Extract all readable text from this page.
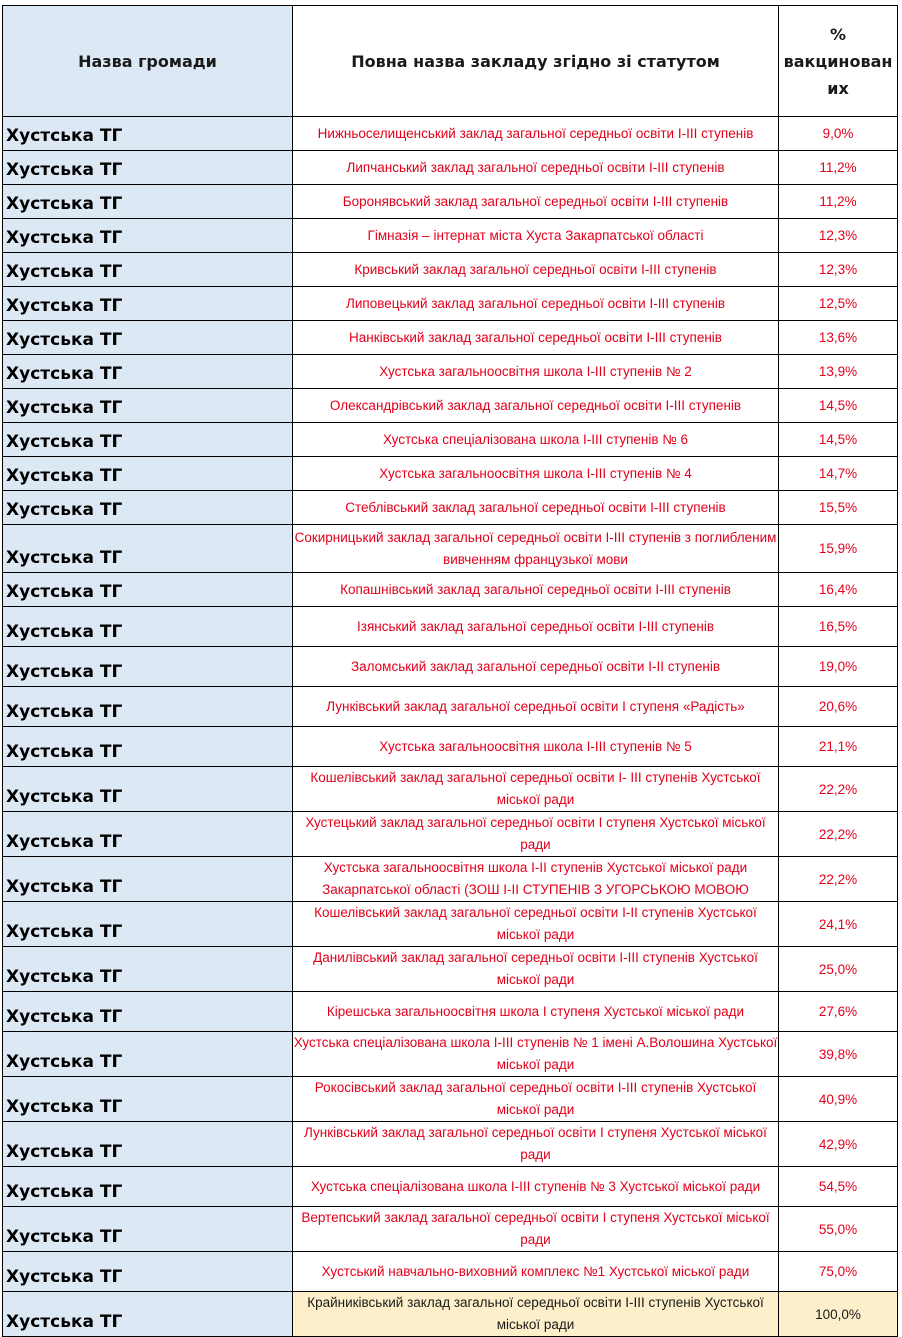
Назва громади	Повна назва закладу згідно зі статутом	%
вакцинован
их

Хустська ТГ	Нижньоселищенський заклад загальної середньої освіти І-ІІІ ступенів	9,0%
Хустська ТГ	Липчанський заклад загальної середньої освіти І-ІІІ ступенів	11,2%
Хустська ТГ	Боронявський заклад загальної середньої освіти І-ІІІ ступенів	11,2%
Хустська ТГ	Гімназія – інтернат міста Хуста Закарпатської області	12,3%
Хустська ТГ	Кривський заклад загальної середньої освіти І-ІІІ ступенів	12,3%
Хустська ТГ	Липовецький заклад загальної середньої освіти І-ІІІ ступенів	12,5%
Хустська ТГ	Нанківський заклад загальної середньої освіти І-ІІІ ступенів	13,6%
Хустська ТГ	Хустська загальноосвітня школа І-ІІІ ступенів № 2	13,9%
Хустська ТГ	Олександрівський заклад загальної середньої освіти І-ІІІ ступенів	14,5%
Хустська ТГ	Хустська спеціалізована школа І-ІІІ ступенів № 6	14,5%
Хустська ТГ	Хустська загальноосвітня школа І-ІІІ ступенів № 4	14,7%
Хустська ТГ	Стеблівський заклад загальної середньої освіти І-ІІІ ступенів	15,5%
Хустська ТГ	Сокирницький заклад загальної середньої освіти І-ІІІ ступенів з поглибленим вивченням французької мови	15,9%
Хустська ТГ	Копашнівський заклад загальної середньої освіти І-ІІІ ступенів	16,4%
Хустська ТГ	Ізянський заклад загальної середньої освіти І-ІІІ ступенів	16,5%
Хустська ТГ	Заломський заклад загальної середньої освіти І-ІІ ступенів	19,0%
Хустська ТГ	Лунківський заклад загальної середньої освіти І ступеня «Радість»	20,6%
Хустська ТГ	Хустська загальноосвітня школа І-ІІІ ступенів № 5	21,1%
Хустська ТГ	Кошелівський заклад загальної середньої освіти І- ІІІ ступенів Хустської міської ради	22,2%
Хустська ТГ	Хустецький заклад загальної середньої освіти І ступеня Хустської міської ради	22,2%
Хустська ТГ	Хустська загальноосвітня школа І-ІІ ступенів Хустської міської ради Закарпатської області (ЗОШ І-ІІ СТУПЕНІВ З УГОРСЬКОЮ МОВОЮ	22,2%
Хустська ТГ	Кошелівський заклад загальної середньої освіти І-ІІ ступенів Хустської міської ради	24,1%
Хустська ТГ	Данилівський заклад загальної середньої освіти І-ІІІ ступенів Хустської міської ради	25,0%
Хустська ТГ	Кірешська загальноосвітня школа І ступеня Хустської міської ради	27,6%
Хустська ТГ	Хустська спеціалізована школа І-ІІІ ступенів № 1 імені А.Волошина Хустської міської ради	39,8%
Хустська ТГ	Рокосівський заклад загальної середньої освіти І-ІІІ ступенів Хустської міської ради	40,9%
Хустська ТГ	Лунківський заклад загальної середньої освіти І ступеня Хустської міської ради	42,9%
Хустська ТГ	Хустська спеціалізована школа І-ІІІ ступенів № 3 Хустської міської ради	54,5%
Хустська ТГ	Вертепський заклад загальної середньої освіти І ступеня Хустської міської ради	55,0%
Хустська ТГ	Хустський навчально-виховний комплекс №1 Хустської міської ради	75,0%
Хустська ТГ	Крайниківський заклад загальної середньої освіти І-ІІІ ступенів Хустської міської ради	100,0%
